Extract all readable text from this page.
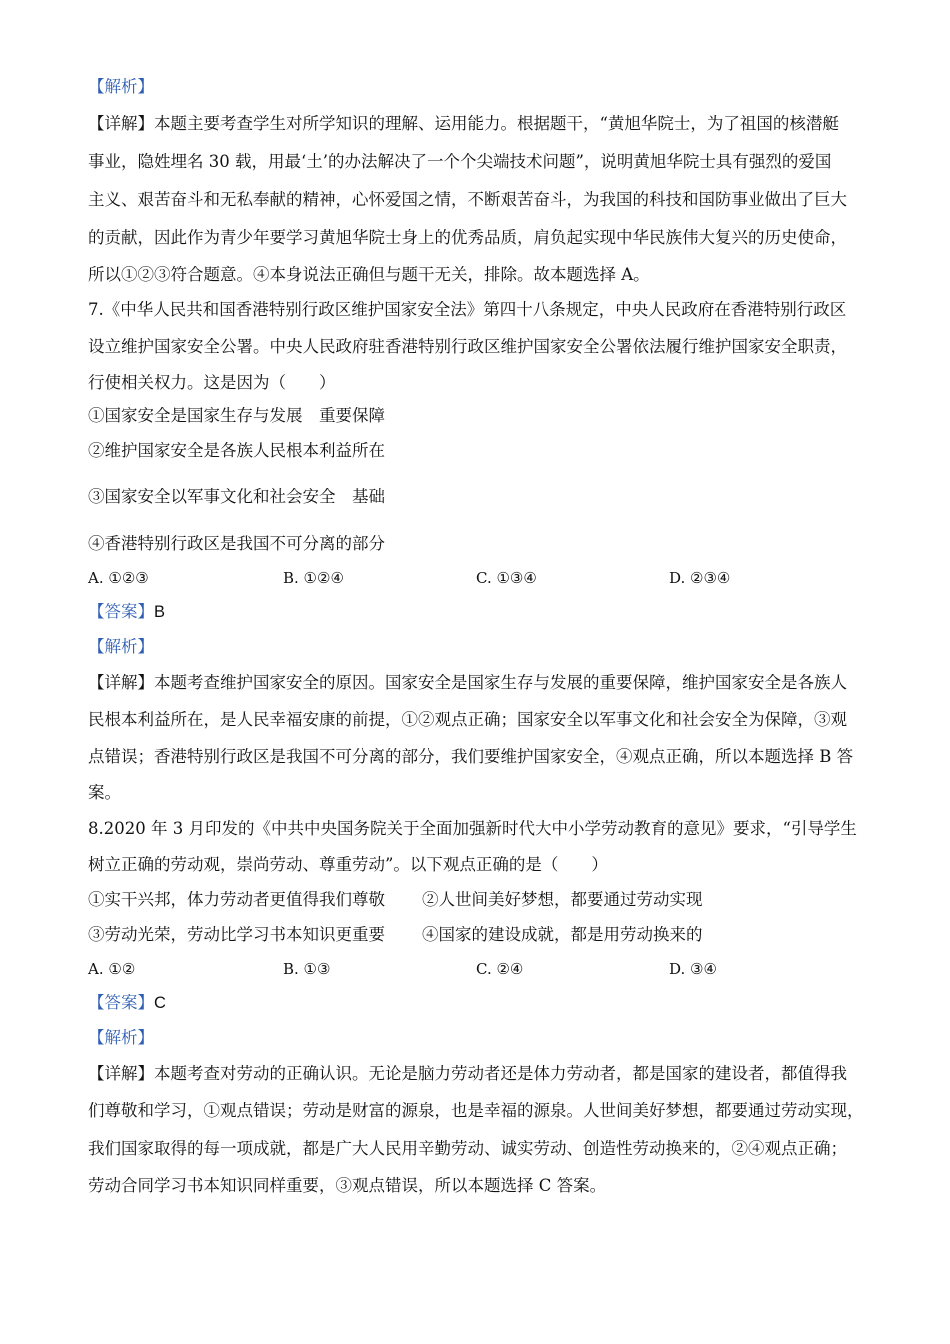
【解析】
【详解】本题主要考查学生对所学知识的理解、运用能力。根据题干，“黄旭华院士，为了祖国的核潜艇
事业，隐姓埋名 30 载，用最‘土’的办法解决了一个个尖端技术问题”，说明黄旭华院士具有强烈的爱国
主义、艰苦奋斗和无私奉献的精神，心怀爱国之情，不断艰苦奋斗，为我国的科技和国防事业做出了巨大
的贡献，因此作为青少年要学习黄旭华院士身上的优秀品质，肩负起实现中华民族伟大复兴的历史使命，
所以①②③符合题意。④本身说法正确但与题干无关，排除。故本题选择 A。
7.《中华人民共和国香港特别行政区维护国家安全法》第四十八条规定，中央人民政府在香港特别行政区
设立维护国家安全公署。中央人民政府驻香港特别行政区维护国家安全公署依法履行维护国家安全职责，
行使相关权力。这是因为（　　）
①国家安全是国家生存与发展　重要保障
②维护国家安全是各族人民根本利益所在
③国家安全以军事文化和社会安全　基础
④香港特别行政区是我国不可分离的部分
A. ①②③	B. ①②④	C. ①③④	D. ②③④
【答案】B
【解析】
【详解】本题考查维护国家安全的原因。国家安全是国家生存与发展的重要保障，维护国家安全是各族人
民根本利益所在，是人民幸福安康的前提，①②观点正确；国家安全以军事文化和社会安全为保障，③观
点错误；香港特别行政区是我国不可分离的部分，我们要维护国家安全，④观点正确，所以本题选择 B 答
案。
8.2020 年 3 月印发的《中共中央国务院关于全面加强新时代大中小学劳动教育的意见》要求，“引导学生
树立正确的劳动观，崇尚劳动、尊重劳动”。以下观点正确的是（　　）
①实干兴邦，体力劳动者更值得我们尊敬 ②人世间美好梦想，都要通过劳动实现
③劳动光荣，劳动比学习书本知识更重要 ④国家的建设成就，都是用劳动换来的
A. ①②	B. ①③	C. ②④	D. ③④
【答案】C
【解析】
【详解】本题考查对劳动的正确认识。无论是脑力劳动者还是体力劳动者，都是国家的建设者，都值得我
们尊敬和学习，①观点错误；劳动是财富的源泉，也是幸福的源泉。人世间美好梦想，都要通过劳动实现，
我们国家取得的每一项成就，都是广大人民用辛勤劳动、诚实劳动、创造性劳动换来的，②④观点正确；
劳动合同学习书本知识同样重要，③观点错误，所以本题选择 C 答案。
